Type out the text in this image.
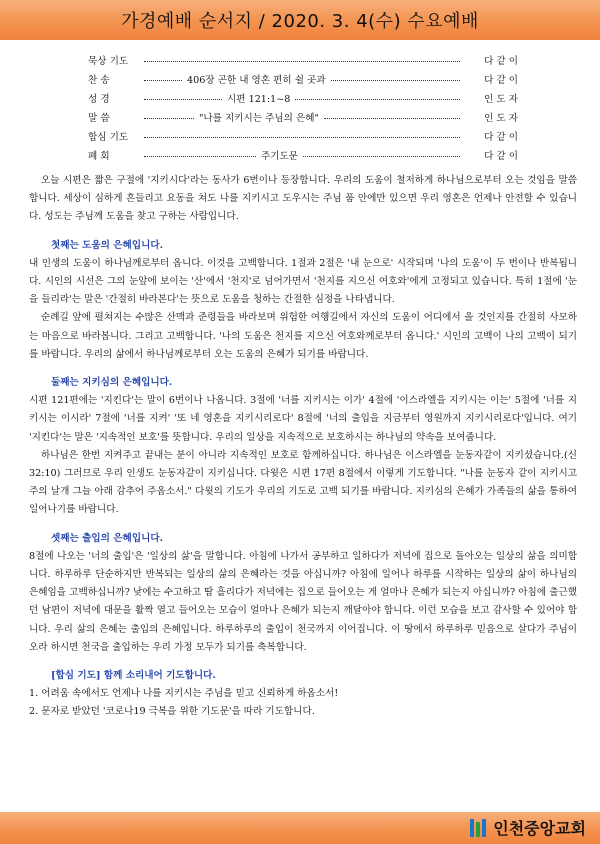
가경예배 순서지 / 2020. 3. 4(수) 수요예배
묵상 기도	다 같 이
찬 송	406장 곤한 내 영혼 편히 쉴 곳과	다 같 이
성 경	시편 121:1~8	인 도 자
말 씀	"나를 지키시는 주님의 은혜"	인 도 자
합심 기도	다 같 이
폐 회	주기도문	다 같 이

오늘 시편은 짧은 구절에 '지키시다'라는 동사가 6번이나 등장합니다. 우리의 도움이 철저하게 하나님으로부터 오는 것임을 말씀합니다. 세상이 심하게 흔들리고 요동을 쳐도 나를 지키시고 도우시는 주님 품 안에만 있으면 우리 영혼은 언제나 안전할 수 있습니다. 성도는 주님께 도움을 찾고 구하는 사람입니다.

첫째는 도움의 은혜입니다.

내 인생의 도움이 하나님께로부터 옵니다. 이것을 고백합니다. 1절과 2절은 '내 눈으로' 시작되며 '나의 도움'이 두 번이나 반복됩니다. 시인의 시선은 그의 눈앞에 보이는 '산'에서 '천지'로 넘어가면서 '천지를 지으신 여호와'에게 고정되고 있습니다. 특히 1절에 '눈을 들리라'는 말은 '간절히 바라본다'는 뜻으로 도움을 청하는 간절한 심정을 나타냅니다.

순례길 앞에 펼쳐지는 수많은 산맥과 준령들을 바라보며 위험한 여행길에서 자신의 도움이 어디에서 올 것인지를 간절히 사모하는 마음으로 바라봅니다. 그리고 고백합니다. '나의 도움은 천지를 지으신 여호와께로부터 옵니다.' 시인의 고백이 나의 고백이 되기를 바랍니다. 우리의 삶에서 하나님께로부터 오는 도움의 은혜가 되기를 바랍니다.

둘째는 지키심의 은혜입니다.

시편 121편에는 '지킨다'는 말이 6번이나 나옵니다. 3절에 '너를 지키시는 이가' 4절에 '이스라엘을 지키시는 이는' 5절에 '너를 지키시는 이시라' 7절에 '너를 지켜' '또 네 영혼을 지키시리로다' 8절에 '너의 출입을 지금부터 영원까지 지키시리로다'입니다. 여기 '지킨다'는 말은 '지속적인 보호'를 뜻합니다. 우리의 일상을 지속적으로 보호하시는 하나님의 약속을 보여줍니다.

하나님은 한번 지켜주고 끝내는 분이 아니라 지속적인 보호로 함께하십니다. 하나님은 이스라엘을 눈동자같이 지키셨습니다.(신 32:10) 그러므로 우리 인생도 눈동자같이 지키십니다. 다윗은 시편 17편 8절에서 이렇게 기도합니다. "나를 눈동자 같이 지키시고 주의 날개 그늘 아래 감추어 주옵소서." 다윗의 기도가 우리의 기도로 고백 되기를 바랍니다. 지키심의 은혜가 가족들의 삶을 통하여 일어나기를 바랍니다.

셋째는 출입의 은혜입니다.

8절에 나오는 '너의 출입'은 '일상의 삶'을 말합니다. 아침에 나가서 공부하고 일하다가 저녁에 집으로 돌아오는 일상의 삶을 의미합니다. 하루하루 단순하지만 반복되는 일상의 삶의 은혜라는 것을 아십니까? 아침에 일어나 하루를 시작하는 일상의 삶이 하나님의 은혜임을 고백하십니까? 낮에는 수고하고 땀 흘리다가 저녁에는 집으로 들어오는 게 얼마나 은혜가 되는지 아십니까? 아침에 출근했던 남편이 저녁에 대문을 활짝 열고 들어오는 모습이 얼마나 은혜가 되는지 깨달아야 합니다. 이런 모습을 보고 감사할 수 있어야 합니다. 우리 삶의 은혜는 출입의 은혜입니다. 하루하루의 출입이 천국까지 이어집니다. 이 땅에서 하루하루 믿음으로 살다가 주님이 오라 하시면 천국을 출입하는 우리 가정 모두가 되기를 축복합니다.

[합심 기도] 함께 소리내어 기도합니다.

1. 어려움 속에서도 언제나 나를 지키시는 주님을 믿고 신뢰하게 하옵소서!

2. 문자로 받았던 '코로나19 극복을 위한 기도문'을 따라 기도합니다.

인천중앙교회
